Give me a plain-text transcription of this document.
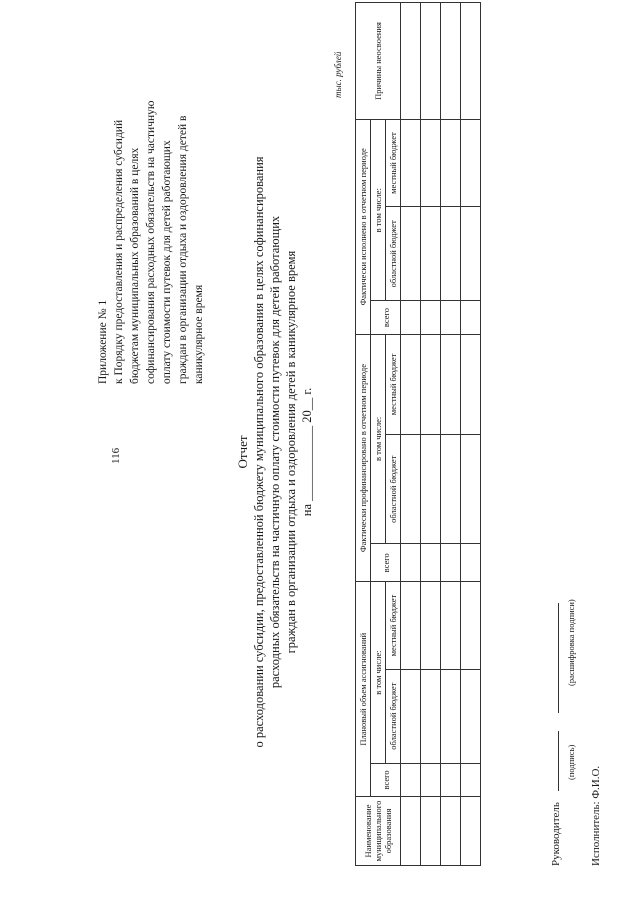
116
Приложение № 1 к Порядку предоставления и распределения субсидий бюджетам муниципальных образований в целях софинансирования расходных обязательств на частичную оплату стоимости путевок для детей работающих граждан в организации отдыха и оздоровления детей в каникулярное время
Отчет о расходовании субсидии, предоставленной бюджету муниципального образования в целях софинансирования расходных обязательств на частичную оплату стоимости путевок для детей работающих граждан в организации отдыха и оздоровления детей в каникулярное время на ____________ 20__ г.
тыс. рублей
Наименование муниципального образования	Плановый объем ассигнований			Фактически профинансировано в отчетном периоде			Фактически исполнено в отчетном периоде			Причины неосвоения
	всего	в том числе:		всего	в том числе:		всего	в том числе:		
		областной бюджет	местный бюджет		областной бюджет	местный бюджет		областной бюджет	местный бюджет	

Руководитель
(подпись)
(расшифровка подписи)
Исполнитель: Ф.И.О.
